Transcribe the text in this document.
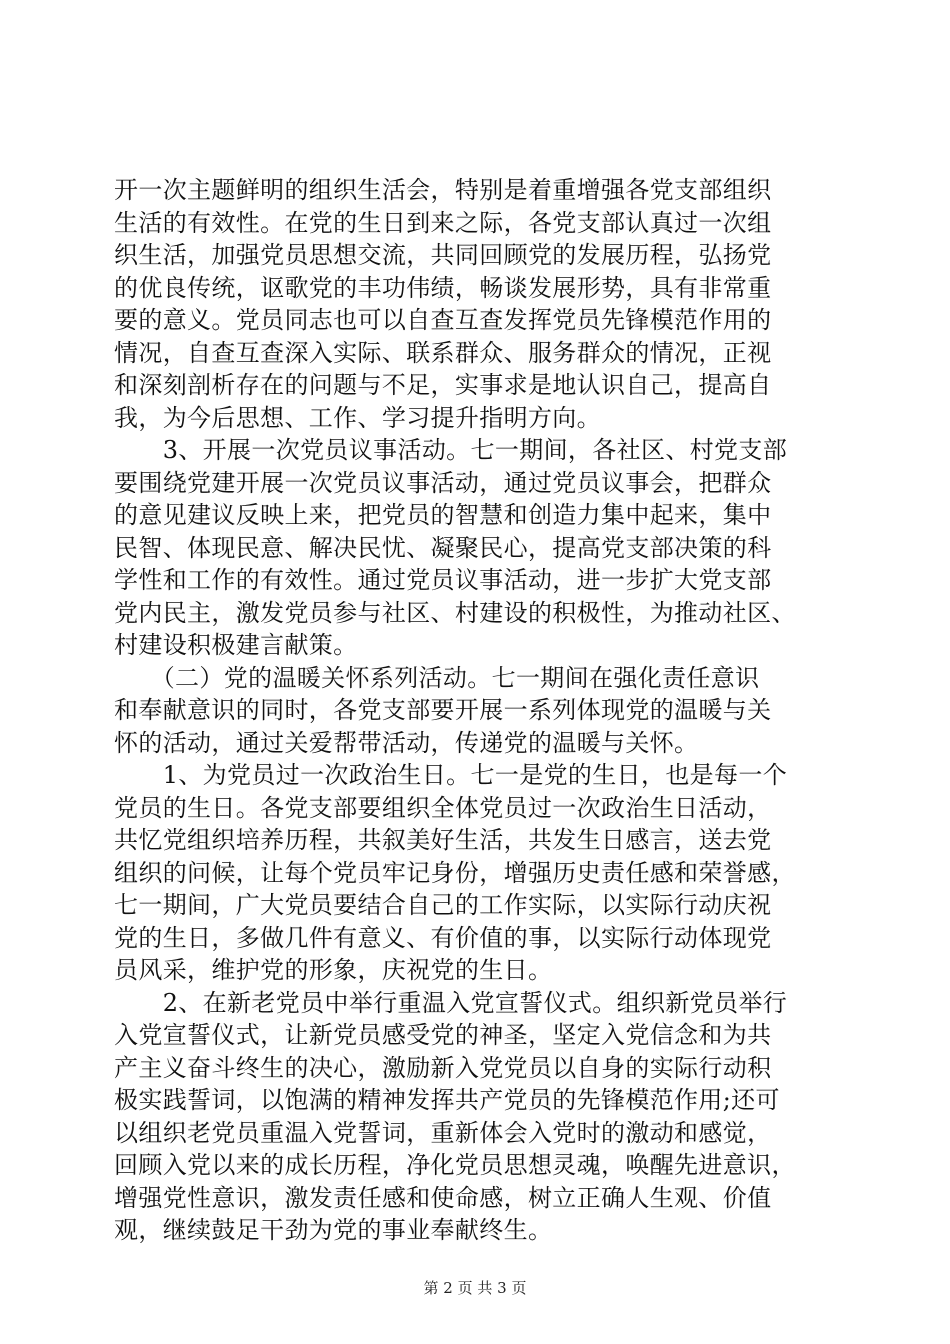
开一次主题鲜明的组织生活会，特别是着重增强各党支部组织
生活的有效性。在党的生日到来之际，各党支部认真过一次组
织生活，加强党员思想交流，共同回顾党的发展历程，弘扬党
的优良传统，讴歌党的丰功伟绩，畅谈发展形势，具有非常重
要的意义。党员同志也可以自查互查发挥党员先锋模范作用的
情况，自查互查深入实际、联系群众、服务群众的情况，正视
和深刻剖析存在的问题与不足，实事求是地认识自己，提高自
我，为今后思想、工作、学习提升指明方向。
　　3、开展一次党员议事活动。七一期间，各社区、村党支部
要围绕党建开展一次党员议事活动，通过党员议事会，把群众
的意见建议反映上来，把党员的智慧和创造力集中起来，集中
民智、体现民意、解决民忧、凝聚民心，提高党支部决策的科
学性和工作的有效性。通过党员议事活动，进一步扩大党支部
党内民主，激发党员参与社区、村建设的积极性，为推动社区、
村建设积极建言献策。
　　（二）党的温暖关怀系列活动。七一期间在强化责任意识
和奉献意识的同时，各党支部要开展一系列体现党的温暖与关
怀的活动，通过关爱帮带活动，传递党的温暖与关怀。
　　1、为党员过一次政治生日。七一是党的生日，也是每一个
党员的生日。各党支部要组织全体党员过一次政治生日活动，
共忆党组织培养历程，共叙美好生活，共发生日感言，送去党
组织的问候，让每个党员牢记身份，增强历史责任感和荣誉感，
七一期间，广大党员要结合自己的工作实际，以实际行动庆祝
党的生日，多做几件有意义、有价值的事，以实际行动体现党
员风采，维护党的形象，庆祝党的生日。
　　2、在新老党员中举行重温入党宣誓仪式。组织新党员举行
入党宣誓仪式，让新党员感受党的神圣，坚定入党信念和为共
产主义奋斗终生的决心，激励新入党党员以自身的实际行动积
极实践誓词，以饱满的精神发挥共产党员的先锋模范作用;还可
以组织老党员重温入党誓词，重新体会入党时的激动和感觉，
回顾入党以来的成长历程，净化党员思想灵魂，唤醒先进意识，
增强党性意识，激发责任感和使命感，树立正确人生观、价值
观，继续鼓足干劲为党的事业奉献终生。
第 2 页 共 3 页
